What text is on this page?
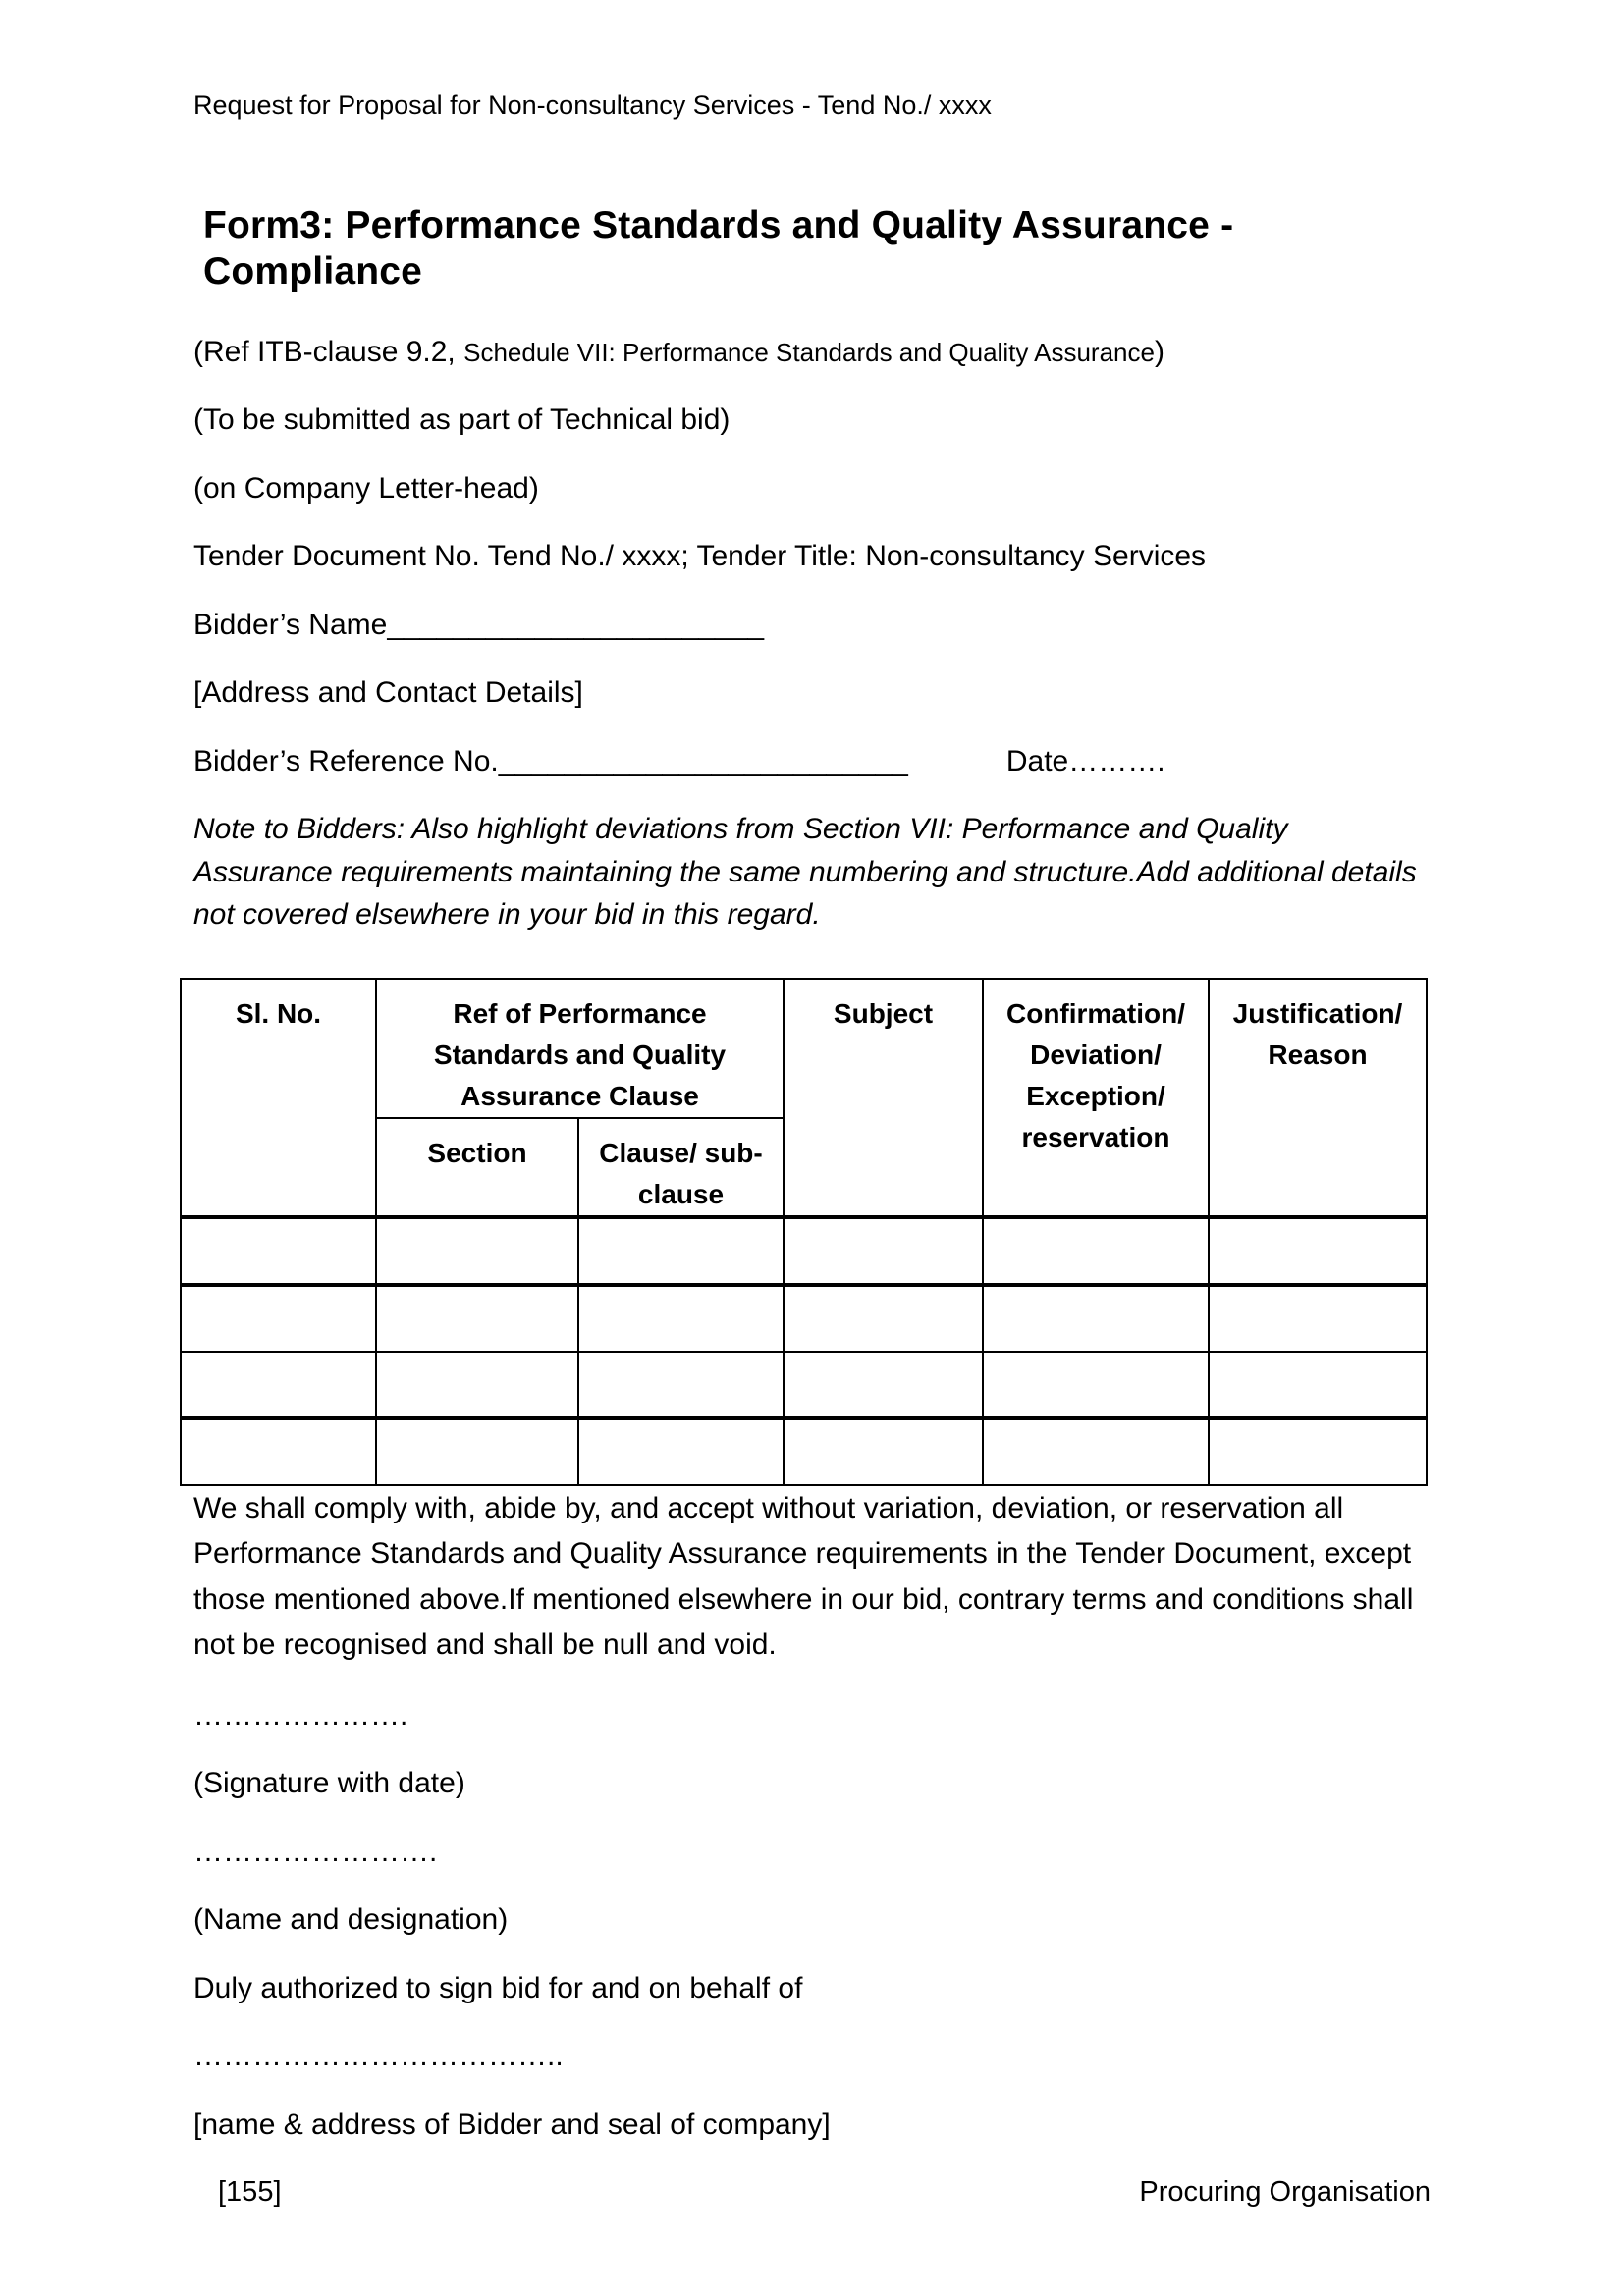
Request for Proposal for Non-consultancy Services - Tend No./ xxxx

Form3: Performance Standards and Quality Assurance - Compliance

(Ref ITB-clause 9.2, Schedule VII: Performance Standards and Quality Assurance)

(To be submitted as part of Technical bid)

(on Company Letter-head)

Tender Document No. Tend No./ xxxx; Tender Title: Non-consultancy Services

Bidder’s Name_______________________

[Address and Contact Details]

Bidder’s Reference No._________________________	Date……….

Note to Bidders: Also highlight deviations from Section VII: Performance and Quality Assurance requirements maintaining the same numbering and structure.Add additional details not covered elsewhere in your bid in this regard.

Sl. No.	Ref of Performance Standards and Quality Assurance Clause		Subject	Confirmation/ Deviation/ Exception/ reservation	Justification/ Reason
	Section	Clause/ sub-clause			

We shall comply with, abide by, and accept without variation, deviation, or reservation all Performance Standards and Quality Assurance requirements in the Tender Document, except those mentioned above.If mentioned elsewhere in our bid, contrary terms and conditions shall not be recognised and shall be null and void.

………………….

(Signature with date)

…………………….

(Name and designation)

Duly authorized to sign bid for and on behalf of

………………………………..

[name & address of Bidder and seal of company]

[155]	Procuring Organisation
